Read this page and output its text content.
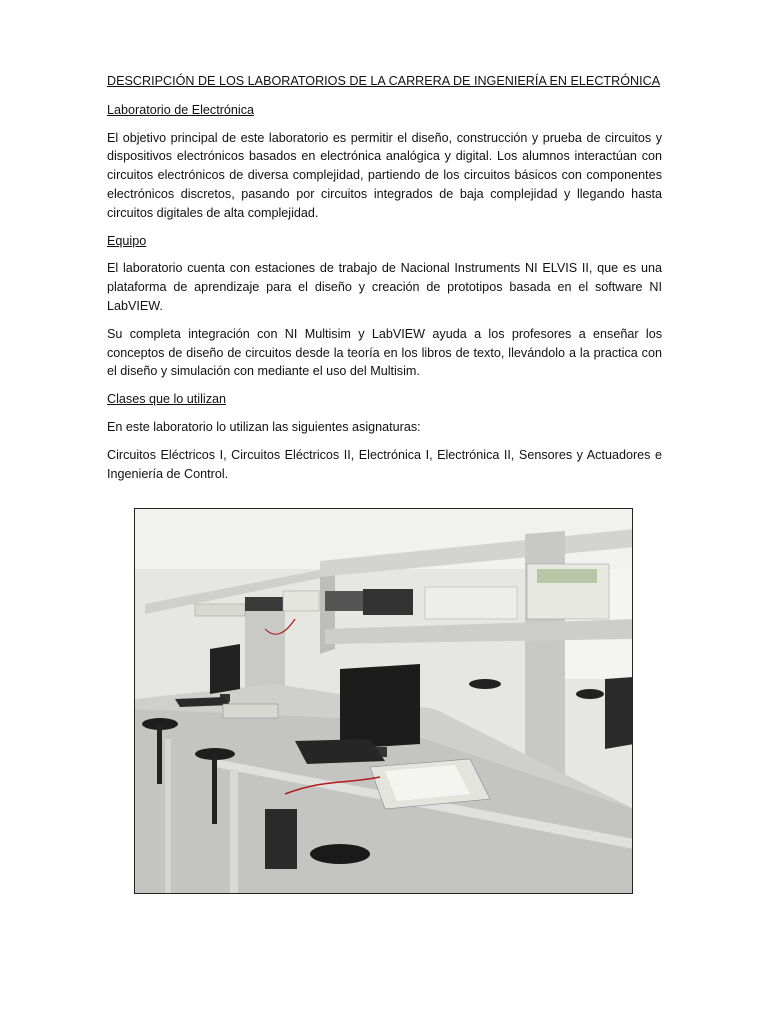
DESCRIPCIÓN DE LOS LABORATORIOS DE LA CARRERA DE INGENIERÍA EN ELECTRÓNICA
Laboratorio de Electrónica

El objetivo principal de este laboratorio es permitir el diseño, construcción y prueba de circuitos y dispositivos electrónicos basados en electrónica analógica y digital. Los alumnos interactúan con circuitos electrónicos de diversa complejidad, partiendo de los circuitos básicos con componentes electrónicos discretos, pasando por circuitos integrados de baja complejidad y llegando hasta circuitos digitales de alta complejidad.

Equipo

El laboratorio cuenta con estaciones de trabajo de Nacional Instruments NI ELVIS II, que es una plataforma de aprendizaje para el diseño y creación de prototipos basada en el software NI LabVIEW.

Su completa integración con NI Multisim y LabVIEW ayuda a los profesores a enseñar los conceptos de diseño de circuitos desde la teoría en los libros de texto, llevándolo a la practica con el diseño y simulación con mediante el uso del Multisim.

Clases que lo utilizan

En este laboratorio lo utilizan las siguientes asignaturas:

Circuitos Eléctricos I, Circuitos Eléctricos II, Electrónica I, Electrónica II, Sensores y Actuadores e Ingeniería de Control.
